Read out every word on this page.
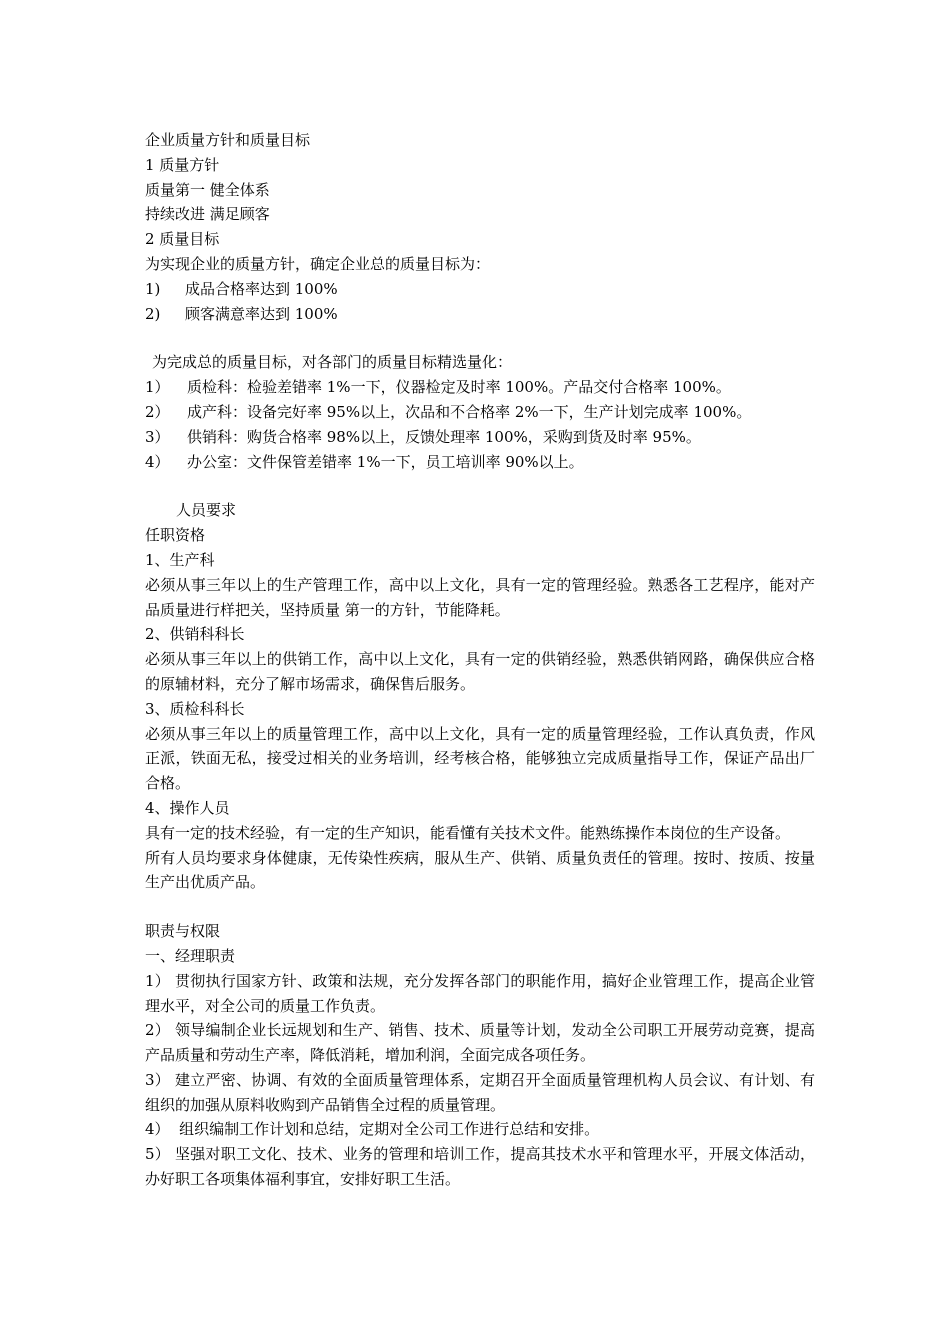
企业质量方针和质量目标
1 质量方针
质量第一 健全体系
持续改进 满足顾客
2 质量目标
为实现企业的质量方针，确定企业总的质量目标为：
1) 成品合格率达到 100%
2) 顾客满意率达到 100%
为完成总的质量目标，对各部门的质量目标精选量化：
1） 质检科：检验差错率 1%一下，仪器检定及时率 100%。产品交付合格率 100%。
2） 成产科：设备完好率 95%以上，次品和不合格率 2%一下，生产计划完成率 100%。
3） 供销科：购货合格率 98%以上，反馈处理率 100%，采购到货及时率 95%。
4） 办公室：文件保管差错率 1%一下，员工培训率 90%以上。
人员要求
任职资格
1、生产科
必须从事三年以上的生产管理工作，高中以上文化，具有一定的管理经验。熟悉各工艺程序，能对产品质量进行样把关，坚持质量 第一的方针，节能降耗。
2、供销科科长
必须从事三年以上的供销工作，高中以上文化，具有一定的供销经验，熟悉供销网路，确保供应合格的原辅材料，充分了解市场需求，确保售后服务。
3、质检科科长
必须从事三年以上的质量管理工作，高中以上文化，具有一定的质量管理经验，工作认真负责，作风正派，铁面无私，接受过相关的业务培训，经考核合格，能够独立完成质量指导工作，保证产品出厂合格。
4、操作人员
具有一定的技术经验，有一定的生产知识，能看懂有关技术文件。能熟练操作本岗位的生产设备。
所有人员均要求身体健康，无传染性疾病，服从生产、供销、质量负责任的管理。按时、按质、按量生产出优质产品。
职责与权限
一、经理职责
1） 贯彻执行国家方针、政策和法规，充分发挥各部门的职能作用，搞好企业管理工作，提高企业管理水平，对全公司的质量工作负责。
2） 领导编制企业长远规划和生产、销售、技术、质量等计划，发动全公司职工开展劳动竞赛，提高产品质量和劳动生产率，降低消耗，增加利润，全面完成各项任务。
3） 建立严密、协调、有效的全面质量管理体系，定期召开全面质量管理机构人员会议、有计划、有组织的加强从原料收购到产品销售全过程的质量管理。
4） 组织编制工作计划和总结，定期对全公司工作进行总结和安排。
5） 坚强对职工文化、技术、业务的管理和培训工作，提高其技术水平和管理水平，开展文体活动，办好职工各项集体福利事宜，安排好职工生活。
